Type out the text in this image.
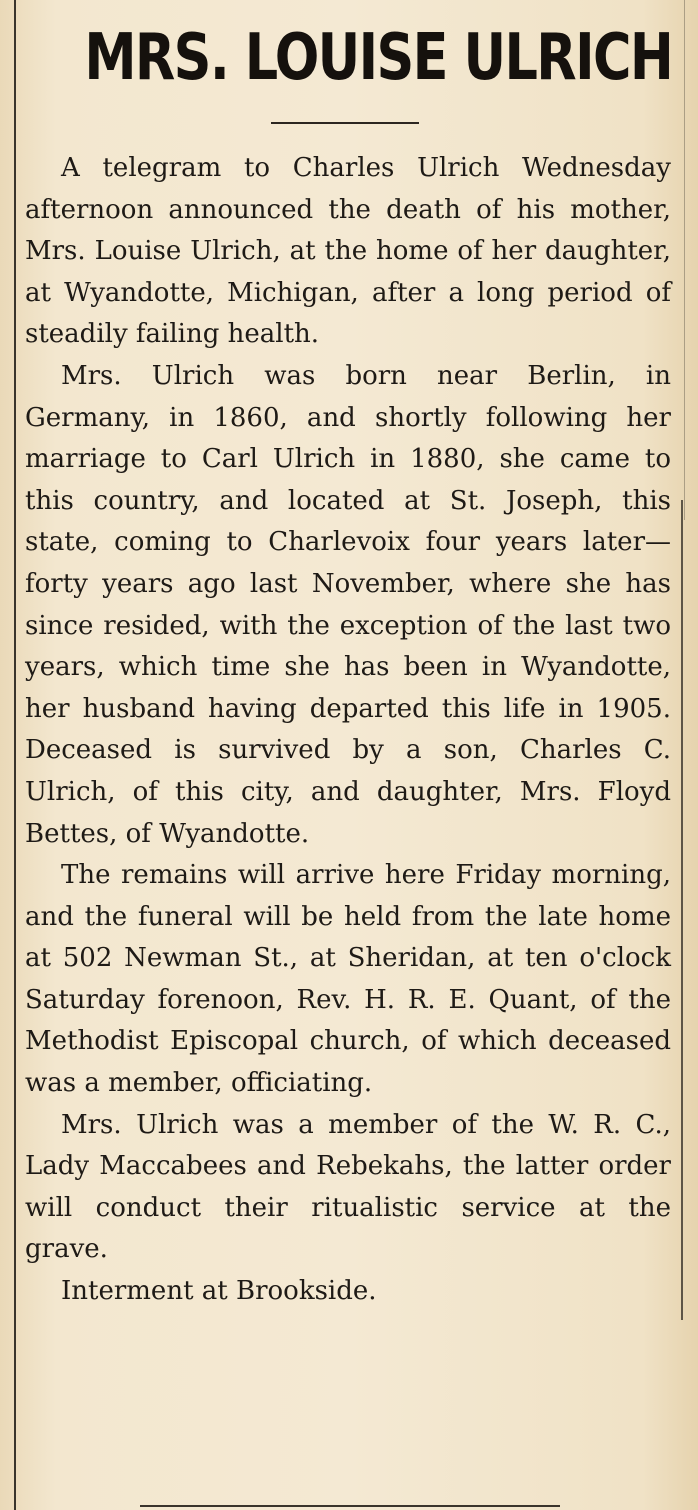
MRS. LOUISE ULRICH

A telegram to Charles Ulrich Wednesday afternoon announced the death of his mother, Mrs. Louise Ulrich, at the home of her daughter, at Wyandotte, Michigan, after a long period of steadily failing health.

Mrs. Ulrich was born near Berlin, in Germany, in 1860, and shortly following her marriage to Carl Ulrich in 1880, she came to this country, and located at St. Joseph, this state, coming to Charlevoix four years later—forty years ago last November, where she has since resided, with the exception of the last two years, which time she has been in Wyandotte, her husband having departed this life in 1905. Deceased is survived by a son, Charles C. Ulrich, of this city, and daughter, Mrs. Floyd Bettes, of Wyandotte.

The remains will arrive here Friday morning, and the funeral will be held from the late home at 502 Newman St., at Sheridan, at ten o'clock Saturday forenoon, Rev. H. R. E. Quant, of the Methodist Episcopal church, of which deceased was a member, officiating.

Mrs. Ulrich was a member of the W. R. C., Lady Maccabees and Rebekahs, the latter order will conduct their ritualistic service at the grave.

Interment at Brookside.
